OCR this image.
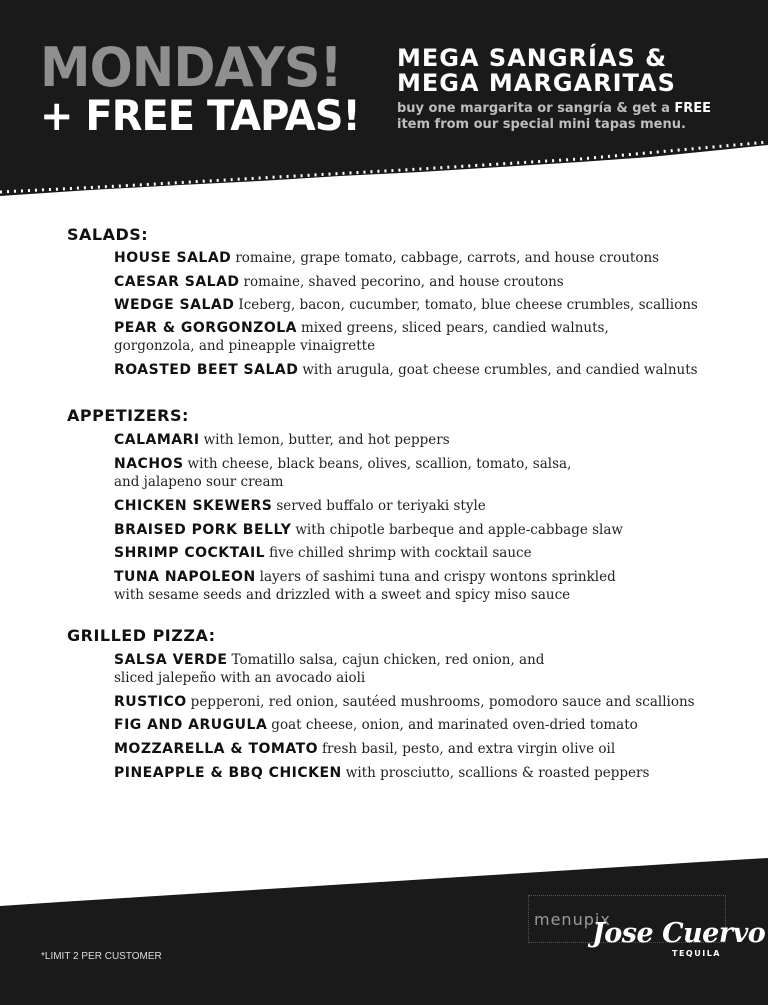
MONDAYS!
+ FREE TAPAS!
MEGA SANGRÍAS &
MEGA MARGARITAS
buy one margarita or sangría & get a FREE
item from our special mini tapas menu.
SALADS:
HOUSE SALAD romaine, grape tomato, cabbage, carrots, and house croutons
CAESAR SALAD romaine, shaved pecorino, and house croutons
WEDGE SALAD Iceberg, bacon, cucumber, tomato, blue cheese crumbles, scallions
PEAR & GORGONZOLA mixed greens, sliced pears, candied walnuts,
gorgonzola, and pineapple vinaigrette
ROASTED BEET SALAD with arugula, goat cheese crumbles, and candied walnuts
APPETIZERS:
CALAMARI with lemon, butter, and hot peppers
NACHOS with cheese, black beans, olives, scallion, tomato, salsa,
and jalapeno sour cream
CHICKEN SKEWERS served buffalo or teriyaki style
BRAISED PORK BELLY with chipotle barbeque and apple-cabbage slaw
SHRIMP COCKTAIL five chilled shrimp with cocktail sauce
TUNA NAPOLEON layers of sashimi tuna and crispy wontons sprinkled
with sesame seeds and drizzled with a sweet and spicy miso sauce
GRILLED PIZZA:
SALSA VERDE Tomatillo salsa, cajun chicken, red onion, and
sliced jalepeño with an avocado aioli
RUSTICO pepperoni, red onion, sautéed mushrooms, pomodoro sauce and scallions
FIG AND ARUGULA goat cheese, onion, and marinated oven-dried tomato
MOZZARELLA & TOMATO fresh basil, pesto, and extra virgin olive oil
PINEAPPLE & BBQ CHICKEN with prosciutto, scallions & roasted peppers
*LIMIT 2 PER CUSTOMER
menupix
Jose Cuervo
TEQUILA
